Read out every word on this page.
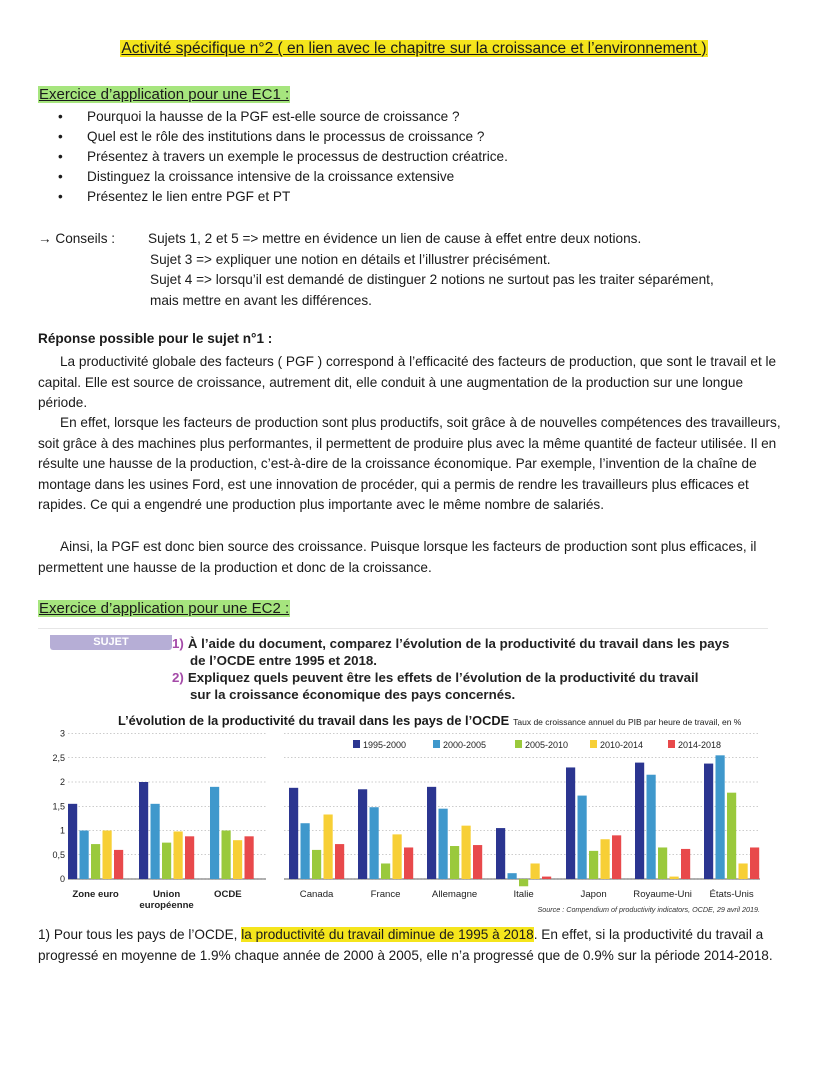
Activité spécifique n°2 ( en lien avec le chapitre sur la croissance et l’environnement )
Exercice d’application pour une EC1 :
• Pourquoi la hausse de la PGF est-elle source de croissance ?
• Quel est le rôle des institutions dans le processus de croissance ?
• Présentez à travers un exemple le processus de destruction créatrice.
• Distinguez la croissance intensive de la croissance extensive
• Présentez le lien entre PGF et PT
→ Conseils :	Sujets 1, 2 et 5 => mettre en évidence un lien de cause à effet entre deux notions.
Sujet 3 => expliquer une notion en détails et l’illustrer précisément.
Sujet 4 => lorsqu’il est demandé de distinguer 2 notions ne surtout pas les traiter séparément,
mais mettre en avant les différences.
Réponse possible pour le sujet n°1 :

La productivité globale des facteurs ( PGF ) correspond à l’efficacité des facteurs de production, que sont le travail et le capital. Elle est source de croissance, autrement dit, elle conduit à une augmentation de la production sur une longue période.

En effet, lorsque les facteurs de production sont plus productifs, soit grâce à de nouvelles compétences des travailleurs, soit grâce à des machines plus performantes, il permettent de produire plus avec la même quantité de facteur utilisée. Il en résulte une hausse de la production, c’est-à-dire de la croissance économique. Par exemple, l’invention de la chaîne de montage dans les usines Ford, est une innovation de procéder, qui a permis de rendre les travailleurs plus efficaces et rapides. Ce qui a engendré une production plus importante avec le même nombre de salariés.

Ainsi, la PGF est donc bien source des croissance. Puisque lorsque les facteurs de production sont plus efficaces, il permettent une hausse de la production et donc de la croissance.

Exercice d’application pour une EC2 :
SUJET	1) À l’aide du document, comparez l’évolution de la productivité du travail dans les pays
de l’OCDE entre 1995 et 2018.
2) Expliquez quels peuvent être les effets de l’évolution de la productivité du travail
sur la croissance économique des pays concernés.
L’évolution de la productivité du travail dans les pays de l’OCDE Taux de croissance annuel du PIB par heure de travail, en %
0
0,5
1
1,5
2
2,5
3
Zone euro	Union
européenne
OCDE	Canada	France	Allemagne	Italie	Japon	Royaume-Uni États-Unis
1995-2000	2000-2005	2005-2010	2010-2014	2014-2018
Source : Compendium of productivity indicators, OCDE, 29 avril 2019.
1) Pour tous les pays de l’OCDE, la productivité du travail diminue de 1995 à 2018. En effet, si la productivité du travail a progressé en moyenne de 1.9% chaque année de 2000 à 2005, elle n’a progressé que de 0.9% sur la période 2014-2018.
